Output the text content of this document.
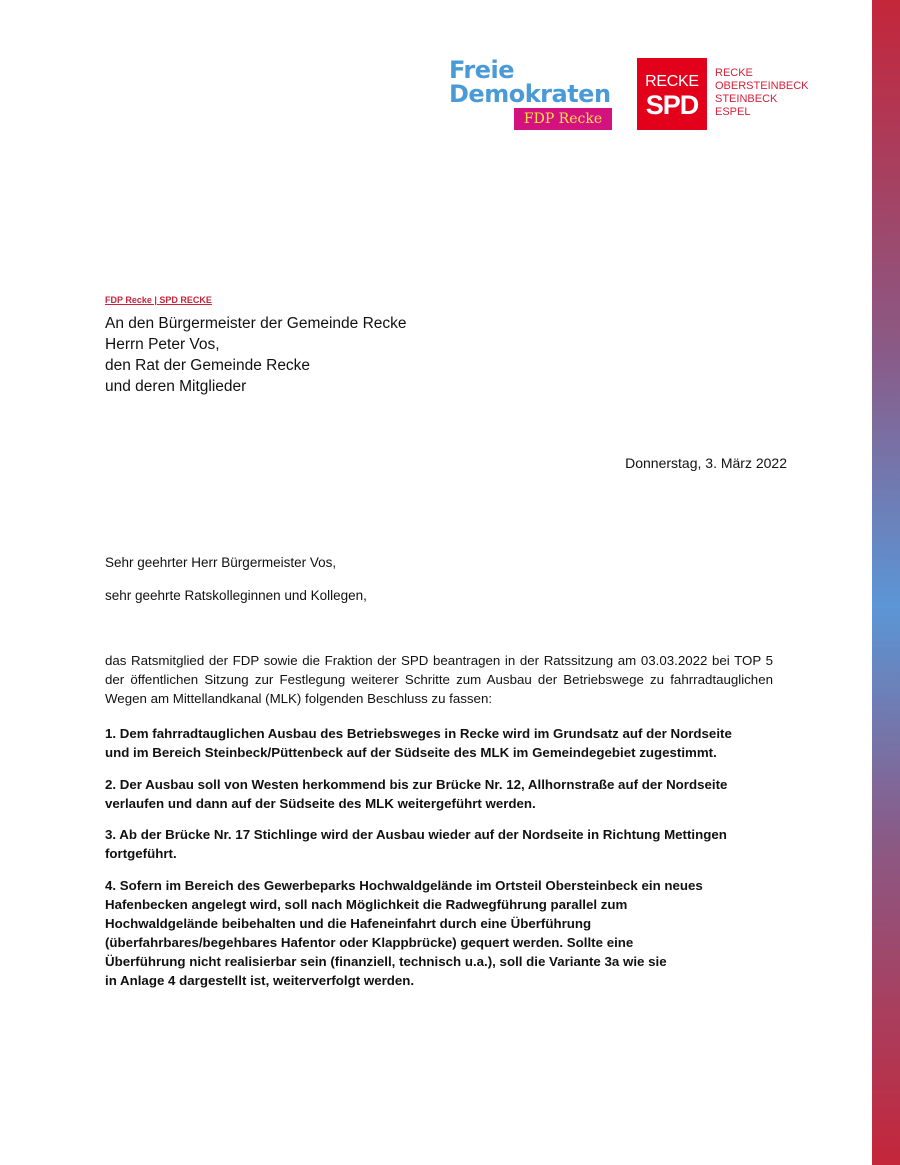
Freie
Demokraten
FDP Recke
RECKE
SPD
RECKE
OBERSTEINBECK
STEINBECK
ESPEL
FDP Recke | SPD RECKE
An den Bürgermeister der Gemeinde Recke
Herrn Peter Vos,
den Rat der Gemeinde Recke
und deren Mitglieder
Donnerstag, 3. März 2022
Sehr geehrter Herr Bürgermeister Vos,
sehr geehrte Ratskolleginnen und Kollegen,
das Ratsmitglied der FDP sowie die Fraktion der SPD beantragen in der Ratssitzung am 03.03.2022 bei TOP 5 der öffentlichen Sitzung zur Festlegung weiterer Schritte zum Ausbau der Betriebswege zu fahrradtauglichen Wegen am Mittellandkanal (MLK) folgenden Beschluss zu fassen:
1. Dem fahrradtauglichen Ausbau des Betriebsweges in Recke wird im Grundsatz auf der Nordseite
und im Bereich Steinbeck/Püttenbeck auf der Südseite des MLK im Gemeindegebiet zugestimmt.
2. Der Ausbau soll von Westen herkommend bis zur Brücke Nr. 12, Allhornstraße auf der Nordseite
verlaufen und dann auf der Südseite des MLK weitergeführt werden.
3. Ab der Brücke Nr. 17 Stichlinge wird der Ausbau wieder auf der Nordseite in Richtung Mettingen
fortgeführt.
4. Sofern im Bereich des Gewerbeparks Hochwaldgelände im Ortsteil Obersteinbeck ein neues
Hafenbecken angelegt wird, soll nach Möglichkeit die Radwegführung parallel zum
Hochwaldgelände beibehalten und die Hafeneinfahrt durch eine Überführung
(überfahrbares/begehbares Hafentor oder Klappbrücke) gequert werden. Sollte eine
Überführung nicht realisierbar sein (finanziell, technisch u.a.), soll die Variante 3a wie sie
in Anlage 4 dargestellt ist, weiterverfolgt werden.
